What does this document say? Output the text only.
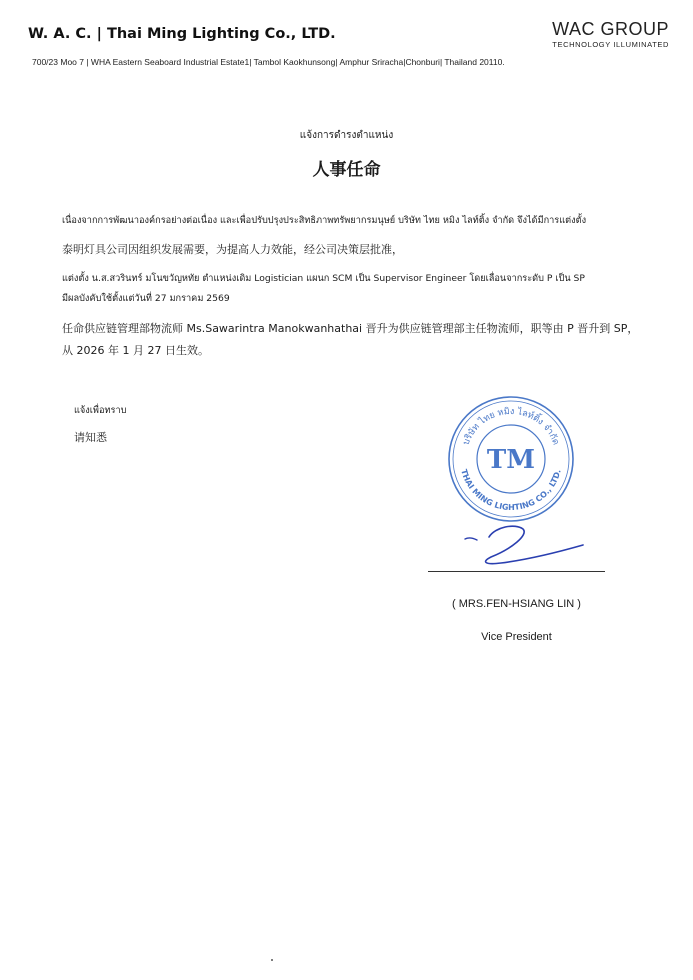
W. A. C. | Thai Ming Lighting Co., LTD.	WAC GROUP
TECHNOLOGY ILLUMINATED
700/23 Moo 7 | WHA Eastern Seaboard Industrial Estate1| Tambol Kaokhunsong| Amphur Sriracha|Chonburi| Thailand 20110.
แจ้งการดำรงตำแหน่ง
人事任命
เนื่องจากการพัฒนาองค์กรอย่างต่อเนื่อง และเพื่อปรับปรุงประสิทธิภาพทรัพยากรมนุษย์ บริษัท ไทย หมิง ไลท์ติ้ง จำกัด จึงได้มีการแต่งตั้ง
泰明灯具公司因组织发展需要，为提高人力效能，经公司决策层批准，
แต่งตั้ง น.ส.สวรินทร์ มโนขวัญหทัย ตำแหน่งเดิม Logistician แผนก SCM เป็น Supervisor Engineer โดยเลื่อนจากระดับ P เป็น SP
มีผลบังคับใช้ตั้งแต่วันที่ 27 มกราคม 2569
任命供应链管理部物流师 Ms.Sawarintra Manokwanhathai 晋升为供应链管理部主任物流师，职等由 P 晋升到 SP，
从 2026 年 1 月 27 日生效。
แจ้งเพื่อทราบ
请知悉	บริษัท ไทย หมิง ไลท์ติ้ง จำกัด
THAI MING LIGHTING CO., LTD.
TM
( MRS.FEN-HSIANG LIN )
Vice President
